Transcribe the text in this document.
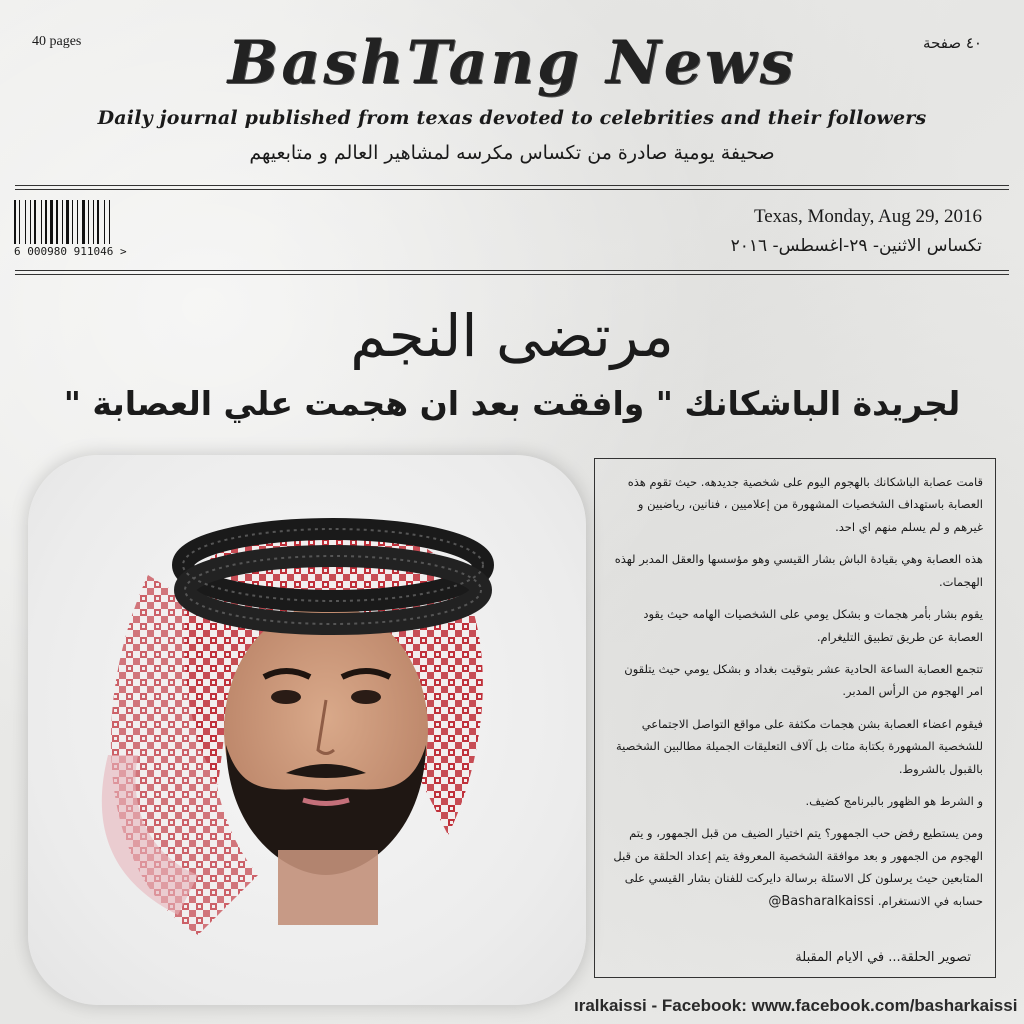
40 pages	٤٠ صفحة
BashTang News
Daily journal published from texas devoted to celebrities and their followers
صحيفة يومية صادرة من تكساس مكرسه لمشاهير العالم و متابعيهم
6 000980 911046 >
Texas, Monday, Aug 29, 2016
تكساس الاثنين- ٢٩-اغسطس- ٢٠١٦
مرتضى النجم
لجريدة الباشكانك " وافقت بعد ان هجمت علي العصابة "

قامت عصابة الباشكانك بالهجوم اليوم على شخصية جديدهه. حيث تقوم هذه العصابة باستهداف الشخصيات المشهورة من إعلاميين ، فنانين، رياضيين و غيرهم و لم يسلم منهم اي احد.

هذه العصابة وهي بقيادة الباش بشار القيسي وهو مؤسسها والعقل المدبر لهذه الهجمات.

يقوم بشار بأمر هجمات و بشكل يومي على الشخصيات الهامه حيث يقود العصابة عن طريق تطبيق التليغرام.

تتجمع العصابة الساعة الحادية عشر بتوقيت بغداد و بشكل يومي حيث يتلقون امر الهجوم من الرأس المدبر.

فيقوم اعضاء العصابة بشن هجمات مكثفة على مواقع التواصل الاجتماعي للشخصية المشهورة بكتابة مئات بل آلاف التعليقات الجميلة مطالبين الشخصية بالقبول بالشروط.

و الشرط هو الظهور بالبرنامج كضيف.

ومن يستطيع رفض حب الجمهور؟ يتم اختيار الضيف من قبل الجمهور، و يتم الهجوم من الجمهور و بعد موافقة الشخصية المعروفة يتم إعداد الحلقة من قبل المتابعين حيث يرسلون كل الاسئلة برسالة دايركت للفنان بشار القيسي على حسابه في الانستغرام. @Basharalkaissi

تصوير الحلقة... في الايام المقبلة
ıralkaissi - Facebook: www.facebook.com/basharkaissi
